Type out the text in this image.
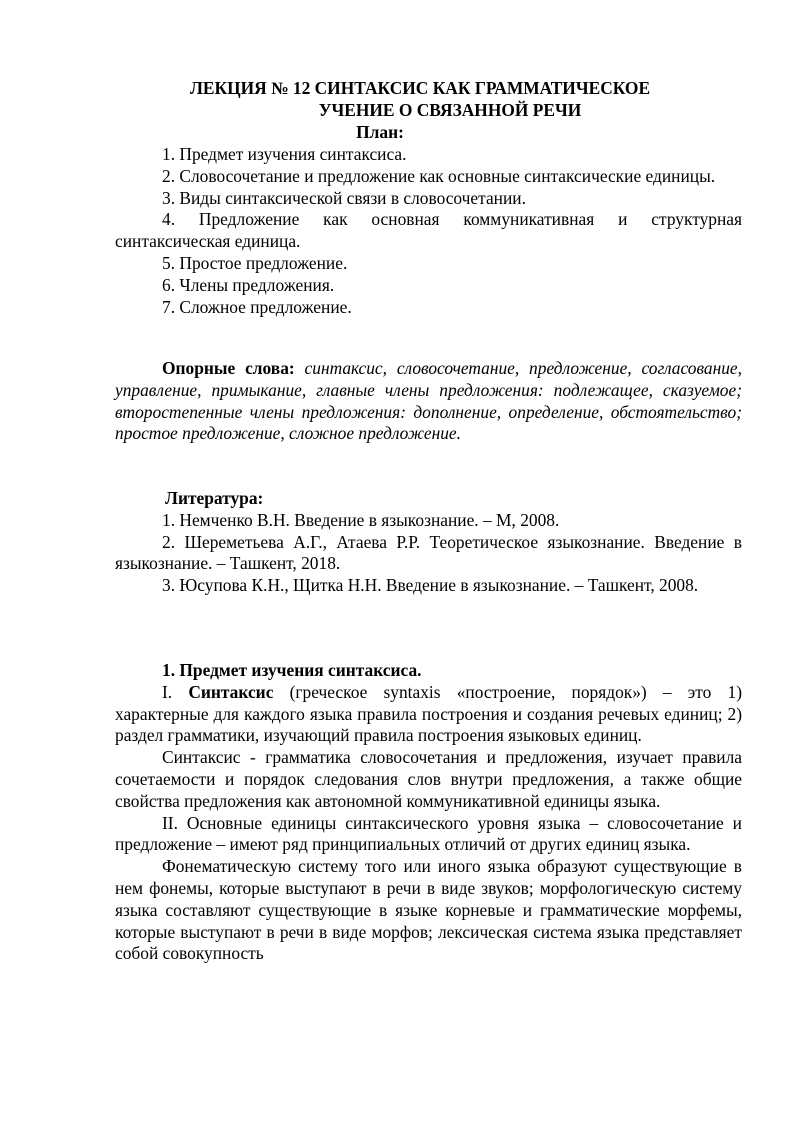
ЛЕКЦИЯ № 12 СИНТАКСИС КАК ГРАММАТИЧЕСКОЕ

УЧЕНИЕ О СВЯЗАННОЙ РЕЧИ

План:

1. Предмет изучения синтаксиса.

2. Словосочетание и предложение как основные синтаксические единицы.

3. Виды синтаксической связи в словосочетании.

4. Предложение как основная коммуникативная и структурная синтаксическая единица.

5. Простое предложение.

6. Члены предложения.

7. Сложное предложение.

Опорные слова: синтаксис, словосочетание, предложение, согласование, управление, примыкание, главные члены предложения: подлежащее, сказуемое; второстепенные члены предложения: дополнение, определение, обстоятельство; простое предложение, сложное предложение.

Литература:

1. Немченко В.Н. Введение в языкознание. – М, 2008.

2. Шереметьева А.Г., Атаева Р.Р. Теоретическое языкознание. Введение в языкознание. – Ташкент, 2018.

3. Юсупова К.Н., Щитка Н.Н. Введение в языкознание. – Ташкент, 2008.

1. Предмет изучения синтаксиса.

I. Синтаксис (греческое syntaxis «построение, порядок») – это 1) характерные для каждого языка правила построения и создания речевых единиц; 2) раздел грамматики, изучающий правила построения языковых единиц.

Синтаксис - грамматика словосочетания и предложения, изучает правила сочетаемости и порядок следования слов внутри предложения, а также общие свойства предложения как автономной коммуникативной единицы языка.

II. Основные единицы синтаксического уровня языка – словосочетание и предложение – имеют ряд принципиальных отличий от других единиц языка.

Фонематическую систему того или иного языка образуют существующие в нем фонемы, которые выступают в речи в виде звуков; морфологическую систему языка составляют существующие в языке корневые и грамматические морфемы, которые выступают в речи в виде морфов; лексическая система языка представляет собой совокупность
